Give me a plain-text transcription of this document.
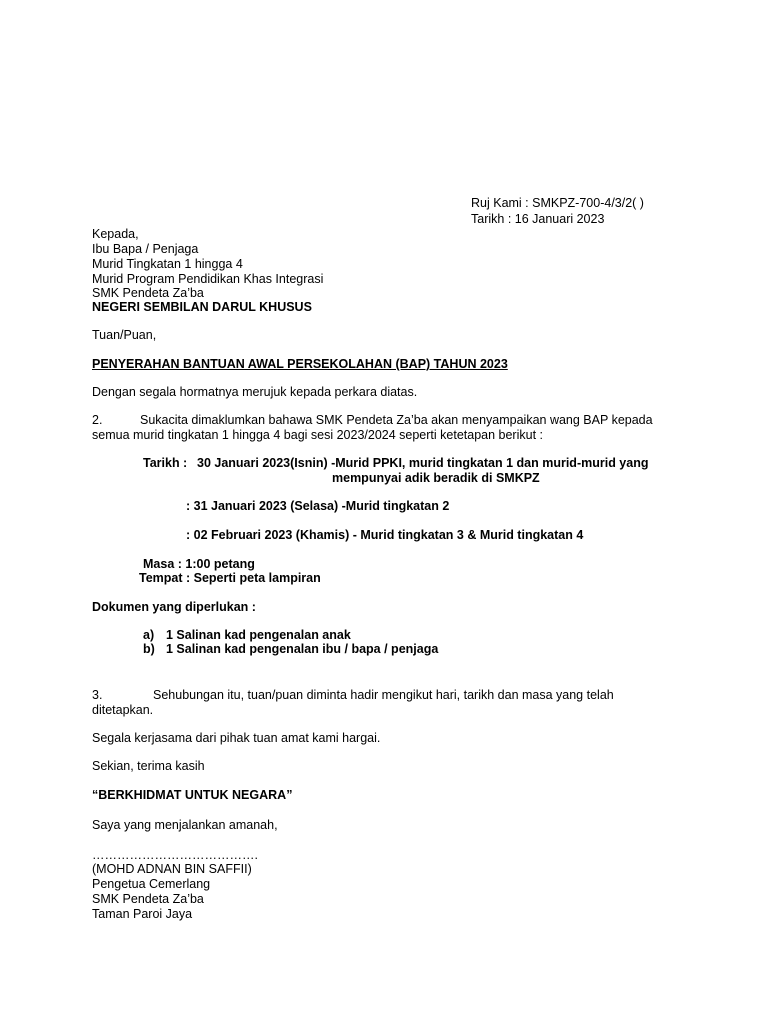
Ruj Kami : SMKPZ-700-4/3/2( )
Tarikh : 16 Januari 2023
Kepada,
Ibu Bapa / Penjaga
Murid Tingkatan 1 hingga 4
Murid Program Pendidikan Khas Integrasi
SMK Pendeta Za’ba
NEGERI SEMBILAN DARUL KHUSUS
Tuan/Puan,
PENYERAHAN BANTUAN AWAL PERSEKOLAHAN (BAP) TAHUN 2023
Dengan segala hormatnya merujuk kepada perkara diatas.
2.	Sukacita dimaklumkan bahawa SMK Pendeta Za’ba akan menyampaikan wang BAP kepada
semua murid tingkatan 1 hingga 4 bagi sesi 2023/2024 seperti ketetapan berikut :
Tarikh : 30 Januari 2023(Isnin) -Murid PPKI, murid tingkatan 1 dan murid-murid yang
mempunyai adik beradik di SMKPZ
: 31 Januari 2023 (Selasa) -Murid tingkatan 2
: 02 Februari 2023 (Khamis) - Murid tingkatan 3 & Murid tingkatan 4
Masa : 1:00 petang
Tempat : Seperti peta lampiran
Dokumen yang diperlukan :
a) 1 Salinan kad pengenalan anak
b) 1 Salinan kad pengenalan ibu / bapa / penjaga
3.	Sehubungan itu, tuan/puan diminta hadir mengikut hari, tarikh dan masa yang telah
ditetapkan.
Segala kerjasama dari pihak tuan amat kami hargai.
Sekian, terima kasih
“BERKHIDMAT UNTUK NEGARA”
Saya yang menjalankan amanah,
………………………………….
(MOHD ADNAN BIN SAFFII)
Pengetua Cemerlang
SMK Pendeta Za’ba
Taman Paroi Jaya
